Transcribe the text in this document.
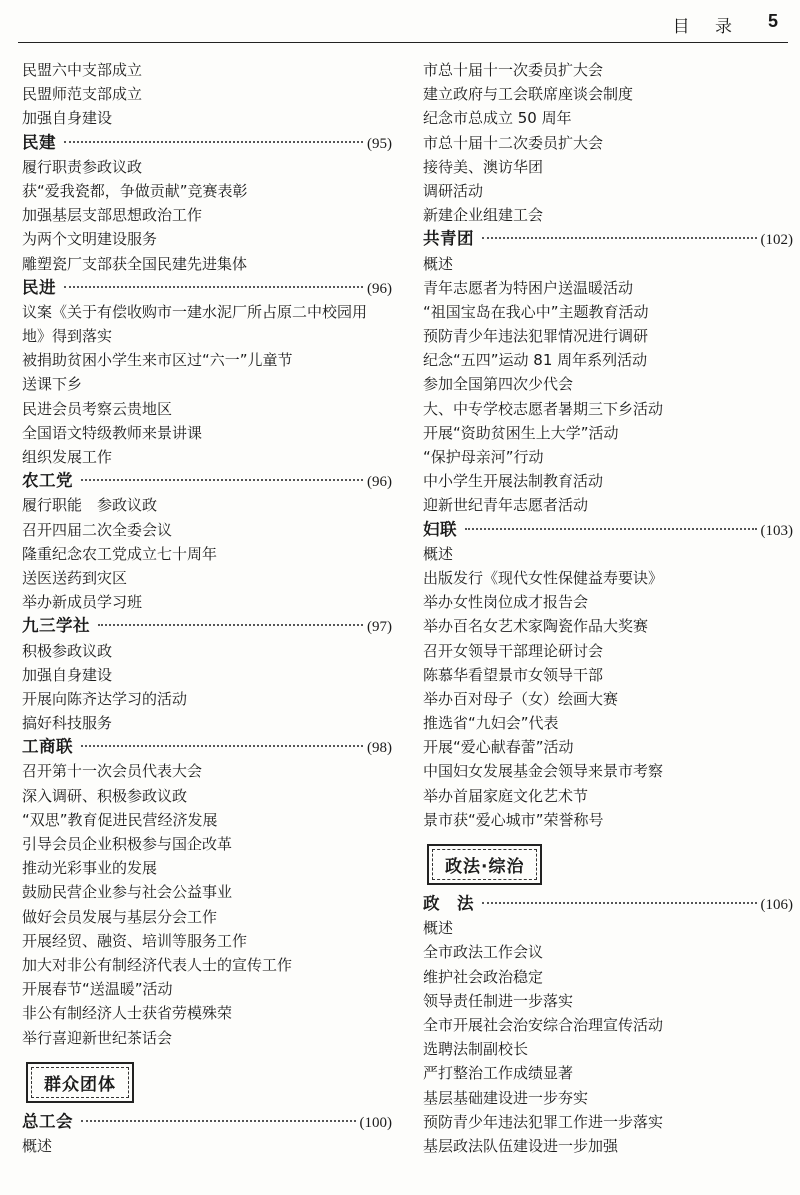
目 录 5
民盟六中支部成立
民盟师范支部成立
加强自身建设
民建	(95)
履行职责参政议政
获“爱我瓷都，争做贡献”竞赛表彰
加强基层支部思想政治工作
为两个文明建设服务
雕塑瓷厂支部获全国民建先进集体
民进	(96)
议案《关于有偿收购市一建水泥厂所占原二中校园用
地》得到落实
被捐助贫困小学生来市区过“六一”儿童节
送课下乡
民进会员考察云贵地区
全国语文特级教师来景讲课
组织发展工作
农工党	(96)
履行职能　参政议政
召开四届二次全委会议
隆重纪念农工党成立七十周年
送医送药到灾区
举办新成员学习班
九三学社	(97)
积极参政议政
加强自身建设
开展向陈齐达学习的活动
搞好科技服务
工商联	(98)
召开第十一次会员代表大会
深入调研、积极参政议政
“双思”教育促进民营经济发展
引导会员企业积极参与国企改革
推动光彩事业的发展
鼓励民营企业参与社会公益事业
做好会员发展与基层分会工作
开展经贸、融资、培训等服务工作
加大对非公有制经济代表人士的宣传工作
开展春节“送温暖”活动
非公有制经济人士获省劳模殊荣
举行喜迎新世纪茶话会
群众团体
总工会	(100)
概述
市总十届十一次委员扩大会
建立政府与工会联席座谈会制度
纪念市总成立 50 周年
市总十届十二次委员扩大会
接待美、澳访华团
调研活动
新建企业组建工会
共青团	(102)
概述
青年志愿者为特困户送温暖活动
“祖国宝岛在我心中”主题教育活动
预防青少年违法犯罪情况进行调研
纪念“五四”运动 81 周年系列活动
参加全国第四次少代会
大、中专学校志愿者暑期三下乡活动
开展“资助贫困生上大学”活动
“保护母亲河”行动
中小学生开展法制教育活动
迎新世纪青年志愿者活动
妇联	(103)
概述
出版发行《现代女性保健益寿要诀》
举办女性岗位成才报告会
举办百名女艺术家陶瓷作品大奖赛
召开女领导干部理论研讨会
陈慕华看望景市女领导干部
举办百对母子（女）绘画大赛
推选省“九妇会”代表
开展“爱心献春蕾”活动
中国妇女发展基金会领导来景市考察
举办首届家庭文化艺术节
景市获“爱心城市”荣誉称号
政法·综治
政　法	(106)
概述
全市政法工作会议
维护社会政治稳定
领导责任制进一步落实
全市开展社会治安综合治理宣传活动
选聘法制副校长
严打整治工作成绩显著
基层基础建设进一步夯实
预防青少年违法犯罪工作进一步落实
基层政法队伍建设进一步加强
